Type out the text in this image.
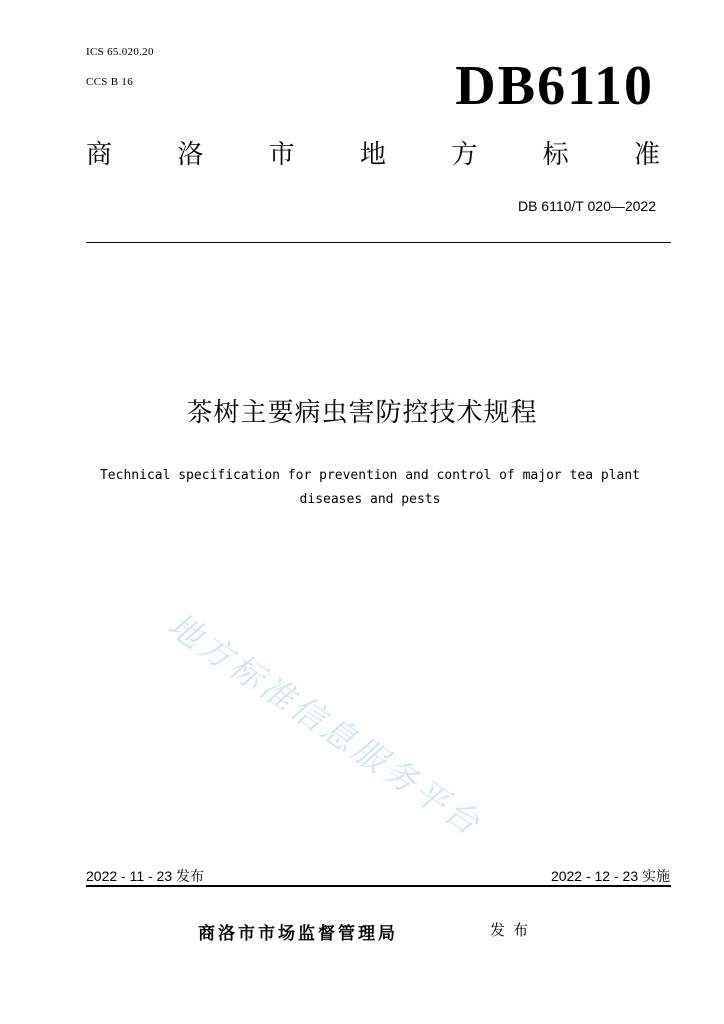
ICS 65.020.20
CCS B 16	DB6110
商	洛	市	地	方	标	准
DB 6110/T 020—2022
茶树主要病虫害防控技术规程
Technical specification for prevention and control of major tea plant
diseases and pests
地方标准信息服务平台
2022 - 11 - 23 发布	2022 - 12 - 23 实施
商洛市市场监督管理局	发布
